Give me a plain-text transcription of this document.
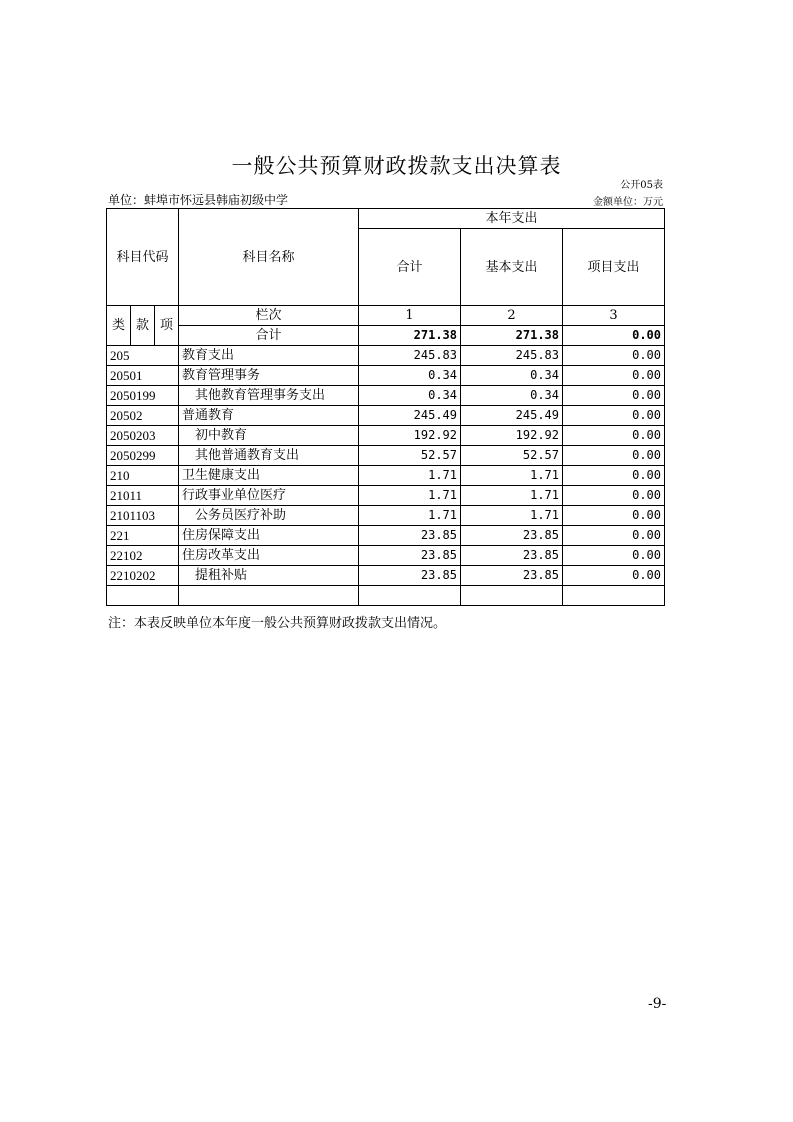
一般公共预算财政拨款支出决算表
公开05表
单位：蚌埠市怀远县韩庙初级中学	金额单位：万元
科目代码			科目名称	本年支出		
				合计	基本支出	项目支出
类	款	项	栏次	1	2	3
			合计	271.38	271.38	0.00
205			教育支出	245.83	245.83	0.00
20501			教育管理事务	0.34	0.34	0.00
2050199			其他教育管理事务支出	0.34	0.34	0.00
20502			普通教育	245.49	245.49	0.00
2050203			初中教育	192.92	192.92	0.00
2050299			其他普通教育支出	52.57	52.57	0.00
210			卫生健康支出	1.71	1.71	0.00
21011			行政事业单位医疗	1.71	1.71	0.00
2101103			公务员医疗补助	1.71	1.71	0.00
221			住房保障支出	23.85	23.85	0.00
22102			住房改革支出	23.85	23.85	0.00
2210202			提租补贴	23.85	23.85	0.00

注：本表反映单位本年度一般公共预算财政拨款支出情况。
-9-
